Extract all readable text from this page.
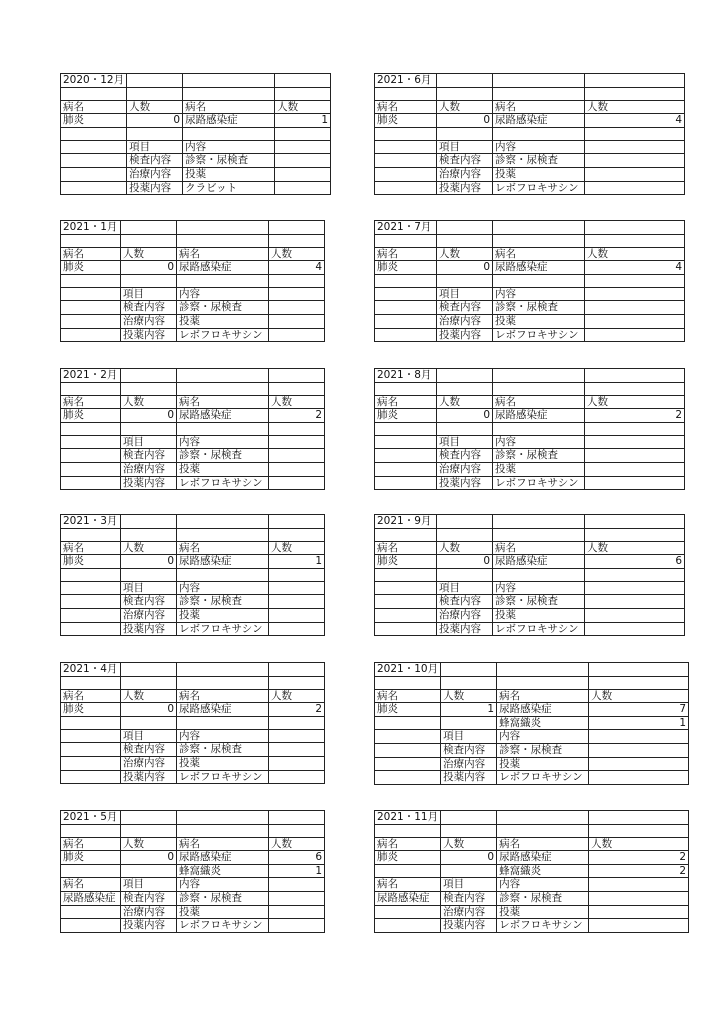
2020・12月			

病名	人数	病名	人数
肺炎	0	尿路感染症	1

	項目	内容	
	検査内容	診察・尿検査	
	治療内容	投薬	
	投薬内容	クラビット	
2021・1月			

病名	人数	病名	人数
肺炎	0	尿路感染症	4

	項目	内容	
	検査内容	診察・尿検査	
	治療内容	投薬	
	投薬内容	レボフロキサシン	
2021・2月			

病名	人数	病名	人数
肺炎	0	尿路感染症	2

	項目	内容	
	検査内容	診察・尿検査	
	治療内容	投薬	
	投薬内容	レボフロキサシン	
2021・3月			

病名	人数	病名	人数
肺炎	0	尿路感染症	1

	項目	内容	
	検査内容	診察・尿検査	
	治療内容	投薬	
	投薬内容	レボフロキサシン	
2021・4月			

病名	人数	病名	人数
肺炎	0	尿路感染症	2

	項目	内容	
	検査内容	診察・尿検査	
	治療内容	投薬	
	投薬内容	レボフロキサシン	
2021・5月			

病名	人数	病名	人数
肺炎	0	尿路感染症	6
		蜂窩織炎	1
病名	項目	内容	
尿路感染症	検査内容	診察・尿検査	
	治療内容	投薬	
	投薬内容	レボフロキサシン	
2021・6月			

病名	人数	病名	人数
肺炎	0	尿路感染症	4

	項目	内容	
	検査内容	診察・尿検査	
	治療内容	投薬	
	投薬内容	レボフロキサシン	
2021・7月			

病名	人数	病名	人数
肺炎	0	尿路感染症	4

	項目	内容	
	検査内容	診察・尿検査	
	治療内容	投薬	
	投薬内容	レボフロキサシン	
2021・8月			

病名	人数	病名	人数
肺炎	0	尿路感染症	2

	項目	内容	
	検査内容	診察・尿検査	
	治療内容	投薬	
	投薬内容	レボフロキサシン	
2021・9月			

病名	人数	病名	人数
肺炎	0	尿路感染症	6

	項目	内容	
	検査内容	診察・尿検査	
	治療内容	投薬	
	投薬内容	レボフロキサシン	
2021・10月			

病名	人数	病名	人数
肺炎	1	尿路感染症	7
		蜂窩織炎	1
	項目	内容	
	検査内容	診察・尿検査	
	治療内容	投薬	
	投薬内容	レボフロキサシン	
2021・11月			

病名	人数	病名	人数
肺炎	0	尿路感染症	2
		蜂窩織炎	2
病名	項目	内容	
尿路感染症	検査内容	診察・尿検査	
	治療内容	投薬	
	投薬内容	レボフロキサシン	
